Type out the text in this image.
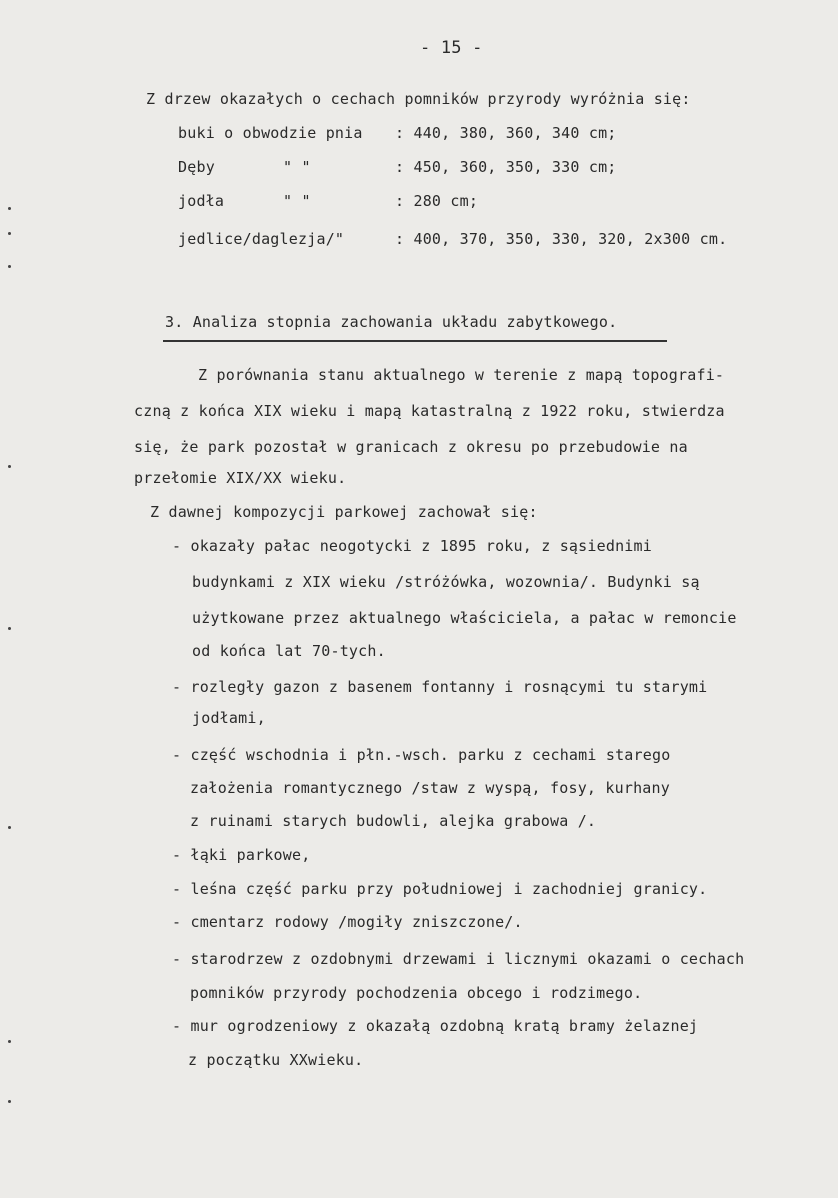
- 15 -
Z drzew okazałych o cechach pomników przyrody wyróżnia się:
buki o obwodzie pnia : 440, 380, 360, 340 cm;
Dęby	" "	: 450, 360, 350, 330 cm;
jodła	" "	: 280 cm;
jedlice/daglezja/"	: 400, 370, 350, 330, 320, 2x300 cm.
3. Analiza stopnia zachowania układu zabytkowego.
Z porównania stanu aktualnego w terenie z mapą topografi-
czną z końca XIX wieku i mapą katastralną z 1922 roku, stwierdza
się, że park pozostał w granicach z okresu po przebudowie na
przełomie XIX/XX wieku.
Z dawnej kompozycji parkowej zachował się:
- okazały pałac neogotycki z 1895 roku, z sąsiednimi
budynkami z XIX wieku /stróżówka, wozownia/. Budynki są
użytkowane przez aktualnego właściciela, a pałac w remoncie
od końca lat 70-tych.
- rozległy gazon z basenem fontanny i rosnącymi tu starymi
jodłami,
- część wschodnia i płn.-wsch. parku z cechami starego
założenia romantycznego /staw z wyspą, fosy, kurhany
z ruinami starych budowli, alejka grabowa /.
- łąki parkowe,
- leśna część parku przy południowej i zachodniej granicy.
- cmentarz rodowy /mogiły zniszczone/.
- starodrzew z ozdobnymi drzewami i licznymi okazami o cechach
pomników przyrody pochodzenia obcego i rodzimego.
- mur ogrodzeniowy z okazałą ozdobną kratą bramy żelaznej
z początku XXwieku.
